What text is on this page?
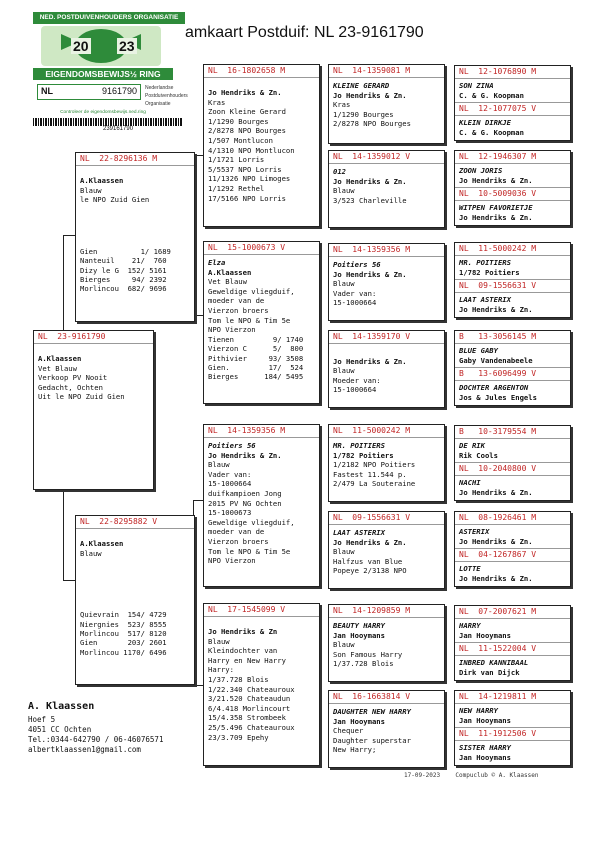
amkaart Postduif: NL 23-9161790
NED. POSTDUIVENHOUDERS ORGANISATIE
20 23
EIGENDOMSBEWIJS½ RING
NL	9161790 Nederlandse
Postduivenhouders
Organisatie
Controleer de eigendomsbewijs.ned.ring
239161790
NL  23-9161790
A.Klaassen
Vet Blauw
Verkoop PV Nooit
Gedacht, Ochten
Uit le NPO Zuid Gien
NL  22-8296136 M
A.Klaassen
Blauw
le NPO Zuid Gien
Gien          1/ 1689
Nanteuil    21/  760
Dizy le G  152/ 5161
Bierges     94/ 2392
Morlincou  682/ 9696
NL  22-8295882 V
A.Klaassen
Blauw
Quievrain  154/ 4729
Niergnies  523/ 8555
Morlincou  517/ 8120
Gien       203/ 2601
Morlincou 1170/ 6496
NL  16-1802658 M
Jo Hendriks & Zn.
Kras
Zoon Kleine Gerard
1/1290 Bourges
2/8278 NPO Bourges
1/507 Montlucon
4/1310 NPO Montlucon
1/1721 Lorris
5/5537 NPO Lorris
11/1326 NPO Limoges
1/1292 Rethel
17/5166 NPO Lorris
NL  15-1000673 V
Elza
A.Klaassen
Vet Blauw
Geweldige vliegduif,
moeder van de
Vierzon broers
Tom le NPO & Tim 5e
NPO Vierzon
Tienen         9/ 1740
Vierzon C      5/  800
Pithivier     93/ 3508
Gien.         17/  524
Bierges      184/ 5495
NL  14-1359356 M
Poitiers 56
Jo Hendriks & Zn.
Blauw
Vader van:
15-1000664
duifkampioen Jong
2015 PV NG Ochten
15-1000673
Geweldige vliegduif,
moeder van de
Vierzon broers
Tom le NPO & Tim 5e
NPO Vierzon
NL  17-1545099 V
Jo Hendriks & Zn
Blauw
Kleindochter van
Harry en New Harry
Harry:
1/37.728 Blois
1/22.340 Chateauroux
3/21.520 Chateaudun
6/4.418 Morlincourt
15/4.358 Strombeek
25/5.496 Chateauroux
23/3.709 Epehy
NL  14-1359081 M
KLEINE GERARD
Jo Hendriks & Zn.
Kras
1/1290 Bourges
2/8278 NPO Bourges
NL  14-1359012 V
012
Jo Hendriks & Zn.
Blauw
3/523 Charleville
NL  14-1359356 M
Poitiers 56
Jo Hendriks & Zn.
Blauw
Vader van:
15-1000664
NL  14-1359170 V
Jo Hendriks & Zn.
Blauw
Moeder van:
15-1000664
NL  11-5000242 M
MR. POITIERS
1/782 Poitiers
1/2182 NPO Poitiers
Fastest 11.544 p.
2/479 La Souteraine
NL  09-1556631 V
LAAT ASTERIX
Jo Hendriks & Zn.
Blauw
Halfzus van Blue
Popeye 2/3138 NPO
NL  14-1209859 M
BEAUTY HARRY
Jan Hooymans
Blauw
Son Famous Harry
1/37.728 Blois
NL  16-1663814 V
DAUGHTER NEW HARRY
Jan Hooymans
Chequer
Daughter superstar
New Harry;
NL  12-1076890 M
SON ZINA
C. & G. Koopman
NL  12-1077075 V
KLEIN DIRKJE
C. & G. Koopman
NL  12-1946307 M
ZOON JORIS
Jo Hendriks & Zn.
NL  10-5009036 V
WITPEN FAVORIETJE
Jo Hendriks & Zn.
NL  11-5000242 M
MR. POITIERS
1/782 Poitiers
NL  09-1556631 V
LAAT ASTERIX
Jo Hendriks & Zn.
B   13-3056145 M
BLUE GABY
Gaby Vandenabeele
B   13-6096499 V
DOCHTER ARGENTON
Jos & Jules Engels
B   10-3179554 M
DE RIK
Rik Cools
NL  10-2040800 V
NACHI
Jo Hendriks & Zn.
NL  08-1926461 M
ASTERIX
Jo Hendriks & Zn.
NL  04-1267867 V
LOTTE
Jo Hendriks & Zn.
NL  07-2007621 M
HARRY
Jan Hooymans
NL  11-1522004 V
INBRED KANNIBAAL
Dirk van Dijck
NL  14-1219811 M
NEW HARRY
Jan Hooymans
NL  11-1912506 V
SISTER HARRY
Jan Hooymans
A. Klaassen
Hoef 5
4051 CC Ochten
Tel.:0344-642790 / 06-46076571
albertklaassen1@gmail.com
17-09-2023	Compuclub © A. Klaassen
